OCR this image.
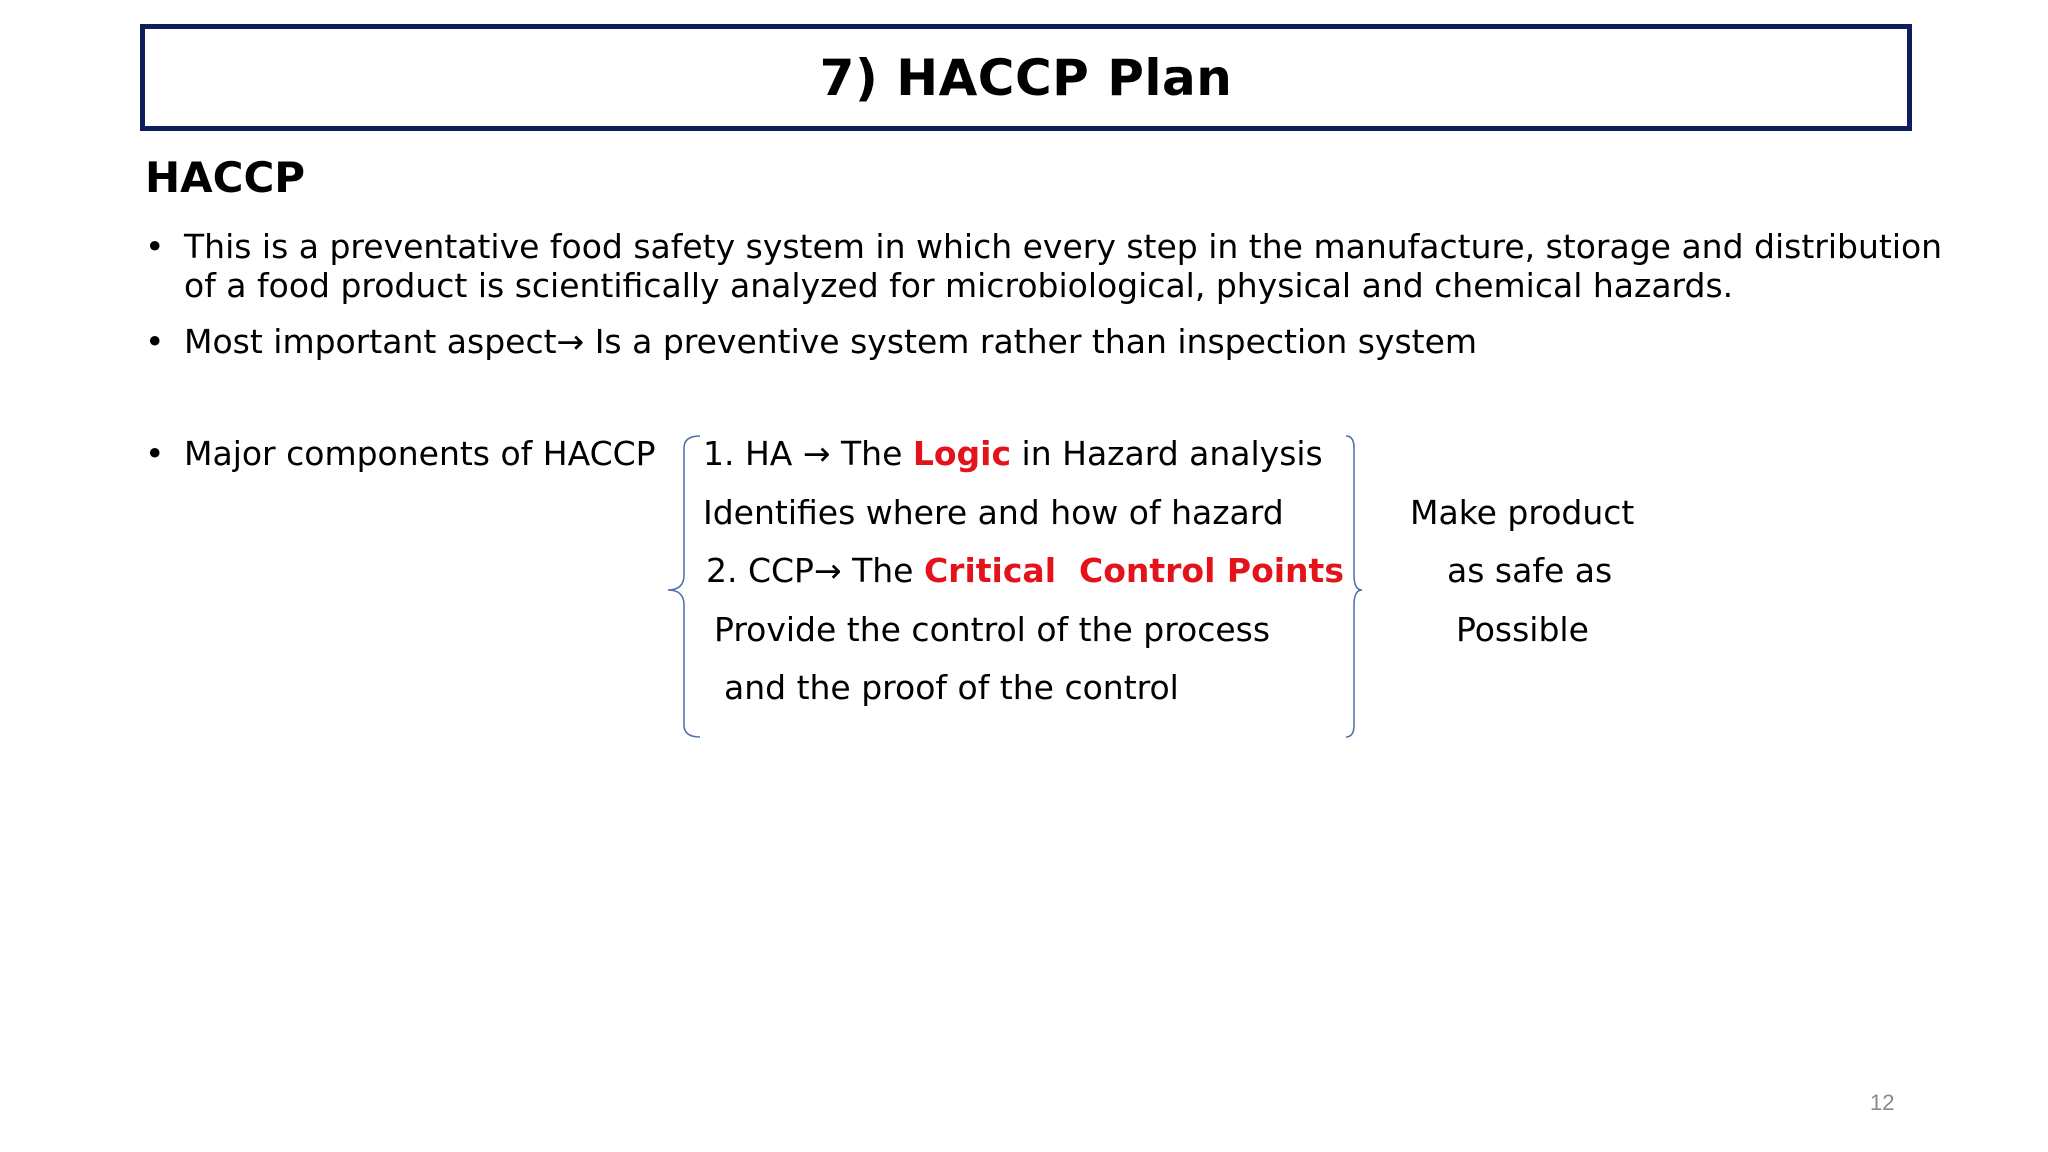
7) HACCP Plan
HACCP
• This is a preventative food safety system in which every step in the manufacture, storage and distribution
of a food product is scientifically analyzed for microbiological, physical and chemical hazards.
• Most important aspect→ Is a preventive system rather than inspection system
• Major components of HACCP 1. HA → The Logic in Hazard analysis
Identifies where and how of hazard
2. CCP→ The Critical  Control Points
Provide the control of the process
and the proof of the control
Make product
as safe as
Possible
12
